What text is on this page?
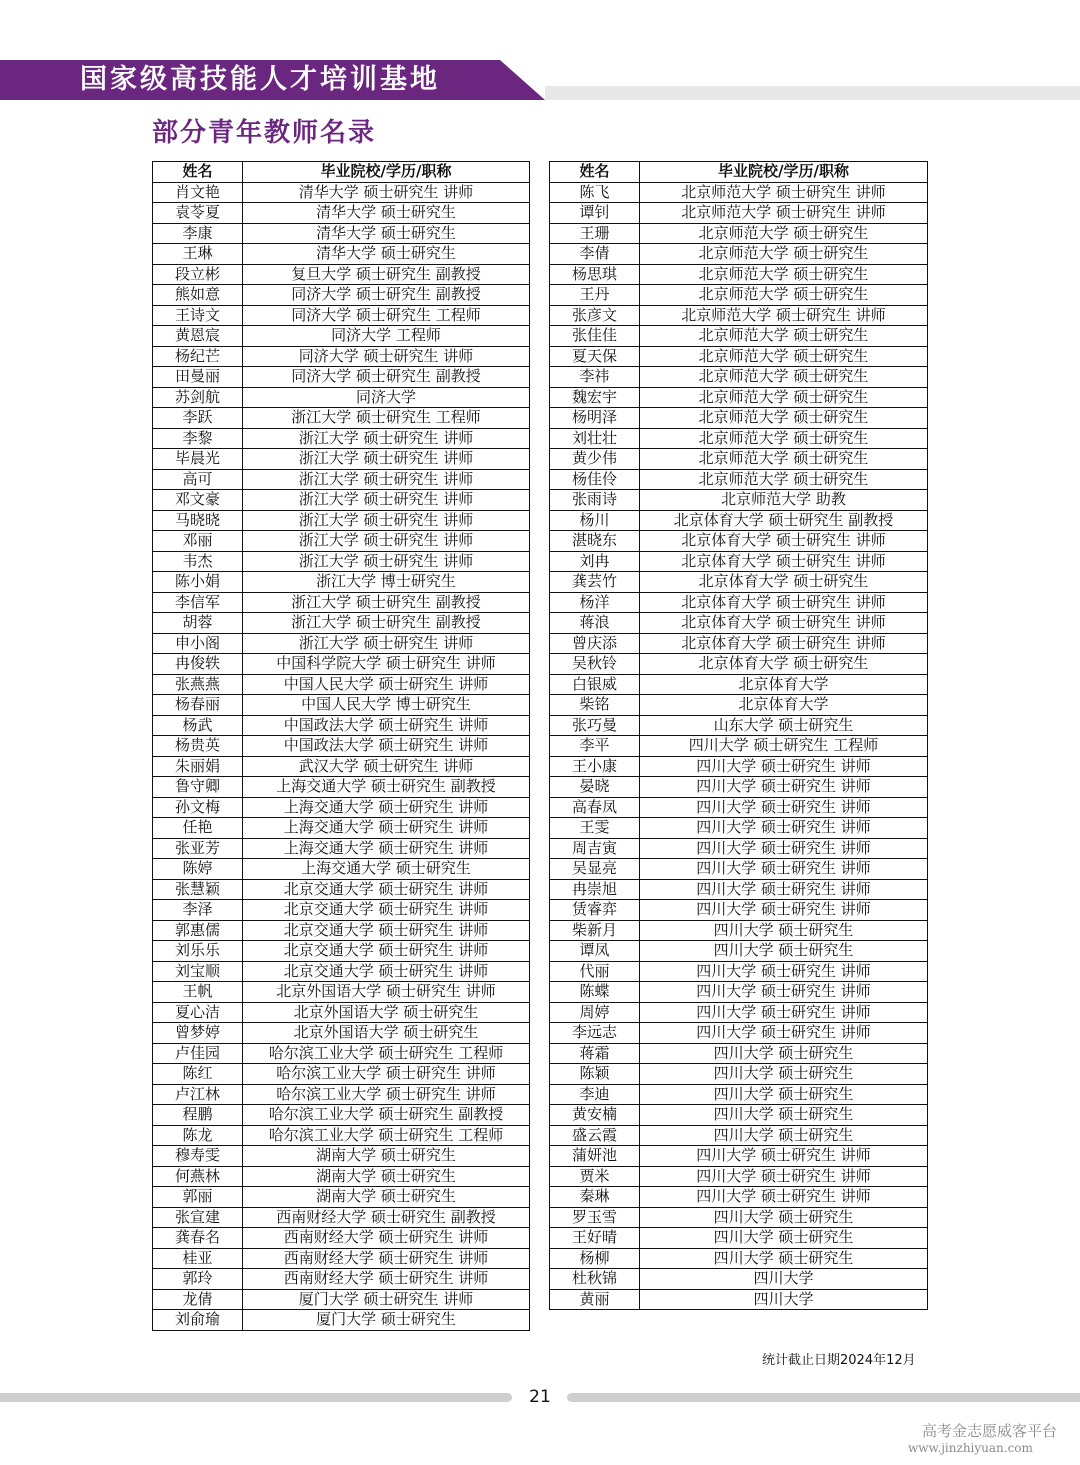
国家级高技能人才培训基地
部分青年教师名录
姓名	毕业院校/学历/职称
肖文艳	清华大学 硕士研究生 讲师
袁苓夏	清华大学 硕士研究生
李康	清华大学 硕士研究生
王琳	清华大学 硕士研究生
段立彬	复旦大学 硕士研究生 副教授
熊如意	同济大学 硕士研究生 副教授
王诗文	同济大学 硕士研究生 工程师
黄恩宸	同济大学 工程师
杨纪芒	同济大学 硕士研究生 讲师
田曼丽	同济大学 硕士研究生 副教授
苏剑航	同济大学
李跃	浙江大学 硕士研究生 工程师
李黎	浙江大学 硕士研究生 讲师
毕晨光	浙江大学 硕士研究生 讲师
高可	浙江大学 硕士研究生 讲师
邓文豪	浙江大学 硕士研究生 讲师
马晓晓	浙江大学 硕士研究生 讲师
邓丽	浙江大学 硕士研究生 讲师
韦杰	浙江大学 硕士研究生 讲师
陈小娟	浙江大学 博士研究生
李信军	浙江大学 硕士研究生 副教授
胡蓉	浙江大学 硕士研究生 副教授
申小阁	浙江大学 硕士研究生 讲师
冉俊轶	中国科学院大学 硕士研究生 讲师
张燕燕	中国人民大学 硕士研究生 讲师
杨春丽	中国人民大学 博士研究生
杨武	中国政法大学 硕士研究生 讲师
杨贵英	中国政法大学 硕士研究生 讲师
朱丽娟	武汉大学 硕士研究生 讲师
鲁守卿	上海交通大学 硕士研究生 副教授
孙文梅	上海交通大学 硕士研究生 讲师
任艳	上海交通大学 硕士研究生 讲师
张亚芳	上海交通大学 硕士研究生 讲师
陈婷	上海交通大学 硕士研究生
张慧颖	北京交通大学 硕士研究生 讲师
李泽	北京交通大学 硕士研究生 讲师
郭惠儒	北京交通大学 硕士研究生 讲师
刘乐乐	北京交通大学 硕士研究生 讲师
刘宝顺	北京交通大学 硕士研究生 讲师
王帆	北京外国语大学 硕士研究生 讲师
夏心洁	北京外国语大学 硕士研究生
曾梦婷	北京外国语大学 硕士研究生
卢佳园	哈尔滨工业大学 硕士研究生 工程师
陈红	哈尔滨工业大学 硕士研究生 讲师
卢江林	哈尔滨工业大学 硕士研究生 讲师
程鹏	哈尔滨工业大学 硕士研究生 副教授
陈龙	哈尔滨工业大学 硕士研究生 工程师
穆寿雯	湖南大学 硕士研究生
何燕林	湖南大学 硕士研究生
郭丽	湖南大学 硕士研究生
张宣建	西南财经大学 硕士研究生 副教授
龚春名	西南财经大学 硕士研究生 讲师
桂亚	西南财经大学 硕士研究生 讲师
郭玲	西南财经大学 硕士研究生 讲师
龙倩	厦门大学 硕士研究生 讲师
刘俞瑜	厦门大学 硕士研究生
姓名	毕业院校/学历/职称
陈飞	北京师范大学 硕士研究生 讲师
谭钊	北京师范大学 硕士研究生 讲师
王珊	北京师范大学 硕士研究生
李倩	北京师范大学 硕士研究生
杨思琪	北京师范大学 硕士研究生
王丹	北京师范大学 硕士研究生
张彦文	北京师范大学 硕士研究生 讲师
张佳佳	北京师范大学 硕士研究生
夏天保	北京师范大学 硕士研究生
李祎	北京师范大学 硕士研究生
魏宏宇	北京师范大学 硕士研究生
杨明泽	北京师范大学 硕士研究生
刘壮壮	北京师范大学 硕士研究生
黄少伟	北京师范大学 硕士研究生
杨佳伶	北京师范大学 硕士研究生
张雨诗	北京师范大学 助教
杨川	北京体育大学 硕士研究生 副教授
湛晓东	北京体育大学 硕士研究生 讲师
刘冉	北京体育大学 硕士研究生 讲师
龚芸竹	北京体育大学 硕士研究生
杨洋	北京体育大学 硕士研究生 讲师
蒋浪	北京体育大学 硕士研究生 讲师
曾庆添	北京体育大学 硕士研究生 讲师
吴秋铃	北京体育大学 硕士研究生
白银威	北京体育大学
柴铭	北京体育大学
张巧曼	山东大学 硕士研究生
李平	四川大学 硕士研究生 工程师
王小康	四川大学 硕士研究生 讲师
晏晓	四川大学 硕士研究生 讲师
高春凤	四川大学 硕士研究生 讲师
王雯	四川大学 硕士研究生 讲师
周吉寅	四川大学 硕士研究生 讲师
吴显亮	四川大学 硕士研究生 讲师
冉崇旭	四川大学 硕士研究生 讲师
赁睿弈	四川大学 硕士研究生 讲师
柴新月	四川大学 硕士研究生
谭凤	四川大学 硕士研究生
代丽	四川大学 硕士研究生 讲师
陈蝶	四川大学 硕士研究生 讲师
周婷	四川大学 硕士研究生 讲师
李远志	四川大学 硕士研究生 讲师
蒋霜	四川大学 硕士研究生
陈颖	四川大学 硕士研究生
李迪	四川大学 硕士研究生
黄安楠	四川大学 硕士研究生
盛云霞	四川大学 硕士研究生
蒲妍池	四川大学 硕士研究生 讲师
贾米	四川大学 硕士研究生 讲师
秦琳	四川大学 硕士研究生 讲师
罗玉雪	四川大学 硕士研究生
王好晴	四川大学 硕士研究生
杨柳	四川大学 硕士研究生
杜秋锦	四川大学
黄丽	四川大学
统计截止日期2024年12月
21
高考金志愿威客平台
www.jinzhiyuan.com
